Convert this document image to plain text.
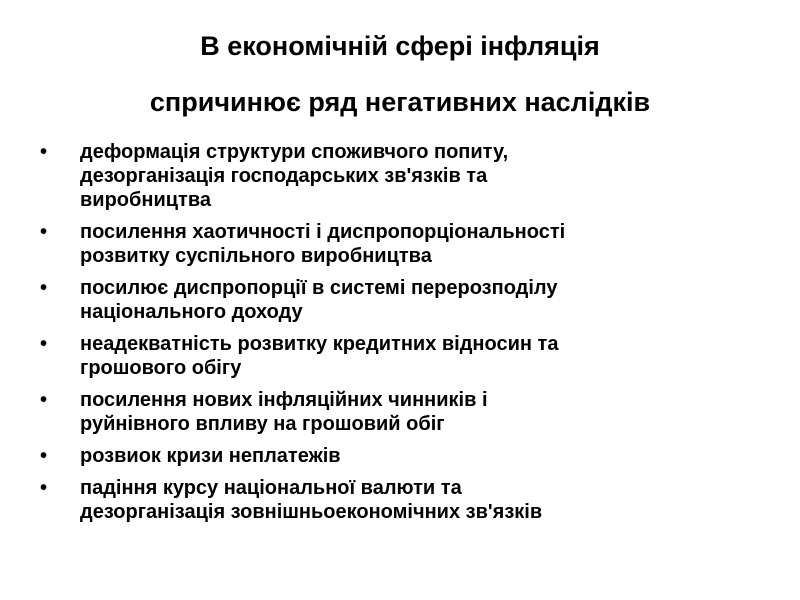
В економічній сфері інфляція
спричинює ряд негативних наслідків
•	деформація структури споживчого попиту,
дезорганізація господарських зв'язків та
виробництва
•	посилення хаотичності і диспропорціональності
розвитку суспільного виробництва
•	посилює диспропорції в системі перерозподілу
національного доходу
•	неадекватність розвитку кредитних відносин та
грошового обігу
•	посилення нових інфляційних чинників і
руйнівного впливу на грошовий обіг
•	розвиок кризи неплатежів
•	падіння курсу національної валюти та
дезорганізація зовнішньоекономічних зв'язків
